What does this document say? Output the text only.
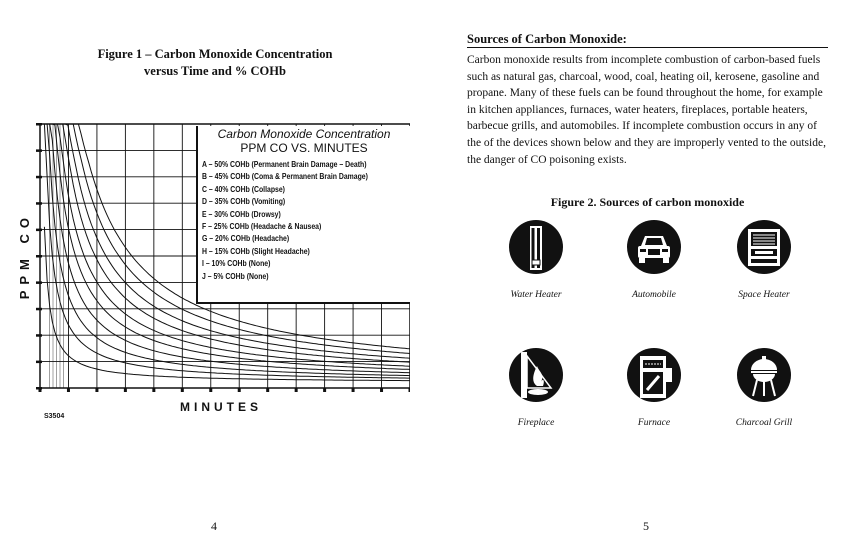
Figure 1 – Carbon Monoxide Concentration
versus Time and % COHb
PPM CO
Carbon Monoxide Concentration
PPM CO VS. MINUTES
A – 50% COHb (Permanent Brain Damage – Death)
B – 45% COHb (Coma & Permanent Brain Damage)
C – 40% COHb (Collapse)
D – 35% COHb (Vomiting)
E – 30% COHb (Drowsy)
F – 25% COHb (Headache & Nausea)
G – 20% COHb (Headache)
H – 15% COHb (Slight Headache)
I – 10% COHb (None)
J – 5% COHb (None)
MINUTES
S3504
4
Sources of Carbon Monoxide:

Carbon monoxide results from incomplete combustion of carbon-based fuels such as natural gas, charcoal, wood, coal, heating oil, kerosene, gasoline and propane. Many of these fuels can be found throughout the home, for example in kitchen appliances, furnaces, water heaters, fireplaces, portable heaters, barbecue grills, and automobiles. If incomplete combustion occurs in any of the of the devices shown below and they are improperly vented to the outside, the danger of CO poisoning exists.

Figure 2. Sources of carbon monoxide
Water Heater	Automobile	Space Heater
Fireplace	Furnace	Charcoal Grill
5
